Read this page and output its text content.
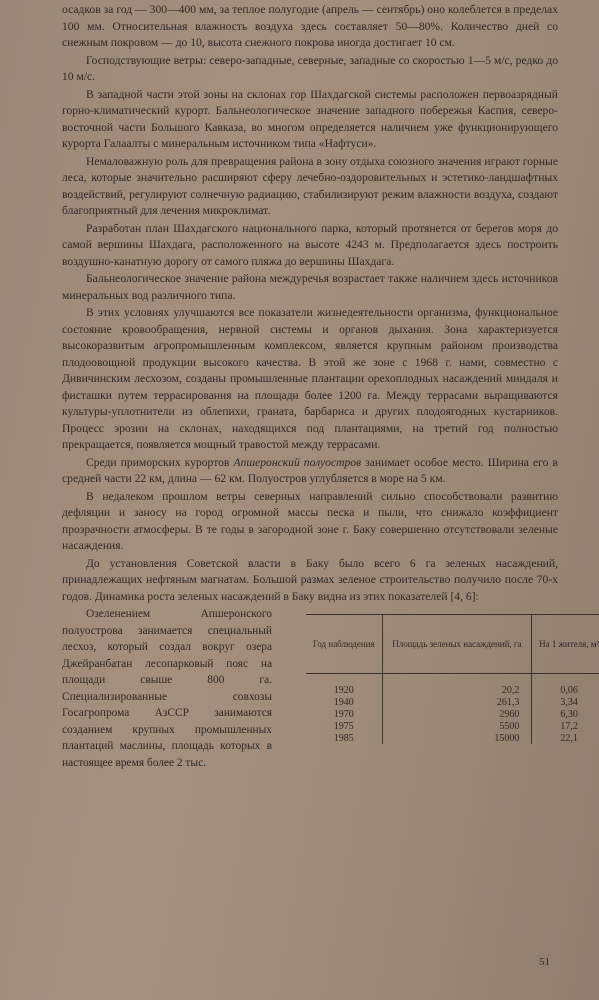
осадков за год — 300—400 мм, за теплое полугодие (апрель — сентябрь) оно колеблется в пределах 100 мм. Относительная влажность воздуха здесь составляет 50—80%. Количество дней со снежным покровом — до 10, высота снежного покрова иногда достигает 10 см.

Господствующие ветры: северо-западные, северные, западные со скоростью 1—5 м/с, редко до 10 м/с.

В западной части этой зоны на склонах гор Шахдагской системы расположен первоазрядный горно-климатический курорт. Бальнеологическое значение западного побережья Каспия, северо-восточной части Большого Кавказа, во многом определяется наличием уже функционирующего курорта Галаалты с минеральным источником типа «Нафтуси».

Немаловажную роль для превращения района в зону отдыха союзного значения играют горные леса, которые значительно расширяют сферу лечебно-оздоровительных и эстетико-ландшафтных воздействий, регулируют солнечную радиацию, стабилизируют режим влажности воздуха, создают благоприятный для лечения микроклимат.

Разработан план Шахдагского национального парка, который протянется от берегов моря до самой вершины Шахдага, расположенного на высоте 4243 м. Предполагается здесь построить воздушно-канатную дорогу от самого пляжа до вершины Шахдага.

Бальнеологическое значение района междуречья возрастает также наличием здесь источников минеральных вод различного типа.

В этих условиях улучшаются все показатели жизнедеятельности организма, функциональное состояние кровообращения, нервной системы и органов дыхания. Зона характеризуется высокоразвитым агропромышленным комплексом, является крупным районом производства плодоовощной продукции высокого качества. В этой же зоне с 1968 г. нами, совместно с Дивичинским лесхозом, созданы промышленные плантации орехоплодных насаждений миндаля и фисташки путем террасирования на площади более 1200 га. Между террасами выращиваются культуры-уплотнители из облепихи, граната, барбариса и других плодоягодных кустарников. Процесс эрозии на склонах, находящихся под плантациями, на третий год полностью прекращается, появляется мощный травостой между террасами.

Среди приморских курортов Апшеронский полуостров занимает особое место. Ширина его в средней части 22 км, длина — 62 км. Полуостров углубляется в море на 5 км.

В недалеком прошлом ветры северных направлений сильно способствовали развитию дефляции и заносу на город огромной массы песка и пыли, что снижало коэффициент прозрачности атмосферы. В те годы в загородной зоне г. Баку совершенно отсутствовали зеленые насаждения.

До установления Советской власти в Баку было всего 6 га зеленых насаждений, принадлежащих нефтяным магнатам. Большой размах зеленое строительство получило после 70-х годов. Динамика роста зеленых насаждений в Баку видна из этих показателей [4, 6]:

Озеленением Апшеронского полуострова занимается специальный лесхоз, который создал вокруг озера Джейранбатан лесопарковый пояс на площади свыше 800 га. Специализированные совхозы Госагропрома АзССР занимаются созданием крупных промышленных плантаций маслины, площадь которых в настоящее время более 2 тыс.
Год наблюдения	Площадь зеленых насаждений, га	На 1 жителя, м²
1920	20,2	0,06
1940	261,3	3,34
1970	2960	6,30
1975	5500	17,2
1985	15000	22,1
51
